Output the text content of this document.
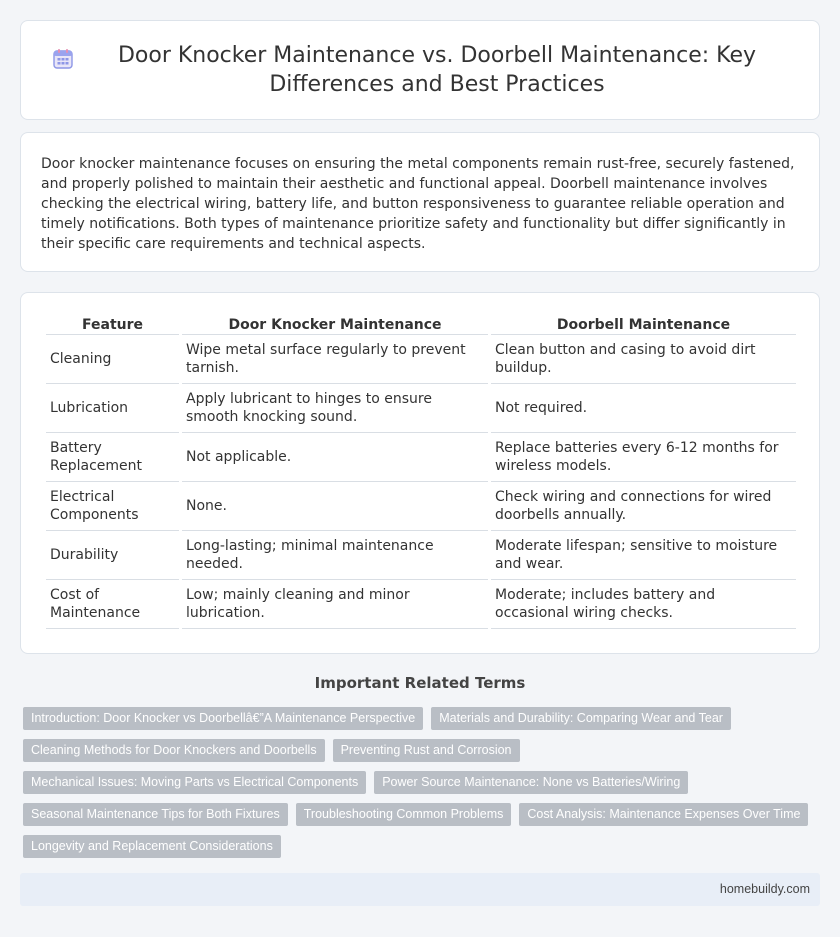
Door Knocker Maintenance vs. Doorbell Maintenance: Key Differences and Best Practices

Door knocker maintenance focuses on ensuring the metal components remain rust-free, securely fastened, and properly polished to maintain their aesthetic and functional appeal. Doorbell maintenance involves checking the electrical wiring, battery life, and button responsiveness to guarantee reliable operation and timely notifications. Both types of maintenance prioritize safety and functionality but differ significantly in their specific care requirements and technical aspects.

Feature	Door Knocker Maintenance	Doorbell Maintenance
Cleaning	Wipe metal surface regularly to prevent tarnish.	Clean button and casing to avoid dirt buildup.
Lubrication	Apply lubricant to hinges to ensure smooth knocking sound.	Not required.
Battery Replacement	Not applicable.	Replace batteries every 6-12 months for wireless models.
Electrical Components	None.	Check wiring and connections for wired doorbells annually.
Durability	Long-lasting; minimal maintenance needed.	Moderate lifespan; sensitive to moisture and wear.
Cost of Maintenance	Low; mainly cleaning and minor lubrication.	Moderate; includes battery and occasional wiring checks.
Important Related Terms
Introduction: Door Knocker vs Doorbellâ€”A Maintenance Perspective	Materials and Durability: Comparing Wear and Tear
Cleaning Methods for Door Knockers and Doorbells	Preventing Rust and Corrosion
Mechanical Issues: Moving Parts vs Electrical Components	Power Source Maintenance: None vs Batteries/Wiring
Seasonal Maintenance Tips for Both Fixtures	Troubleshooting Common Problems	Cost Analysis: Maintenance Expenses Over Time
Longevity and Replacement Considerations
homebuildy.com
